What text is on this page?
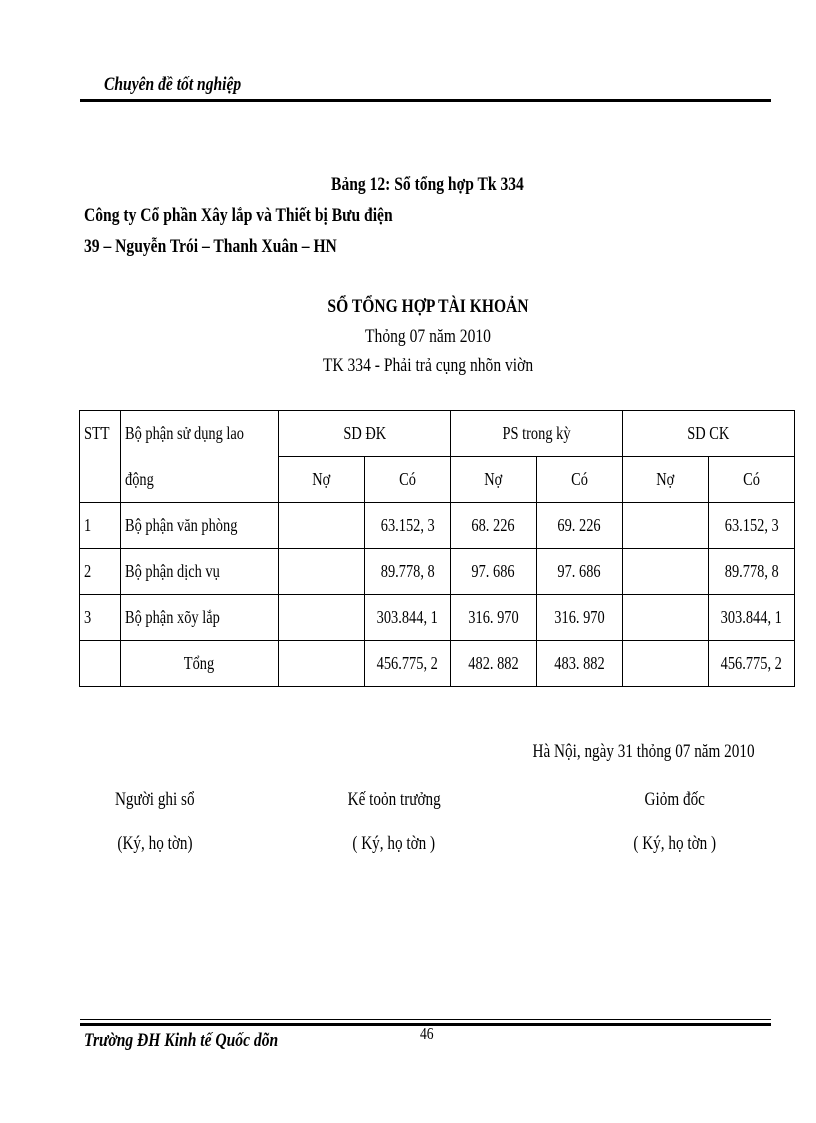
Chuyên đề tốt nghiệp
Bảng 12: Sổ tổng hợp Tk 334
Công ty Cổ phần Xây lắp và Thiết bị Bưu điện
39 – Nguyễn Trói – Thanh Xuân – HN
SỔ TỔNG HỢP TÀI KHOẢN
Thỏng 07 năm 2010
TK 334 - Phải trả cụng nhõn viờn
STT	Bộ phận sử dụng lao	SD ĐK		PS trong kỳ		SD CK	
	động	Nợ	Có	Nợ	Có	Nợ	Có
1	Bộ phận văn phòng		63.152, 3	68. 226	69. 226		63.152, 3
2	Bộ phận dịch vụ		89.778, 8	97. 686	97. 686		89.778, 8
3	Bộ phận xõy lắp		303.844, 1	316. 970	316. 970		303.844, 1
	Tổng		456.775, 2	482. 882	483. 882		456.775, 2
Hà Nội, ngày 31 thỏng 07 năm 2010
Người ghi sổ
(Ký, họ tờn)
Kế toỏn trưởng
( Ký, họ tờn )
Giỏm đốc
( Ký, họ tờn )
Trường ĐH Kinh tế Quốc dõn	46
